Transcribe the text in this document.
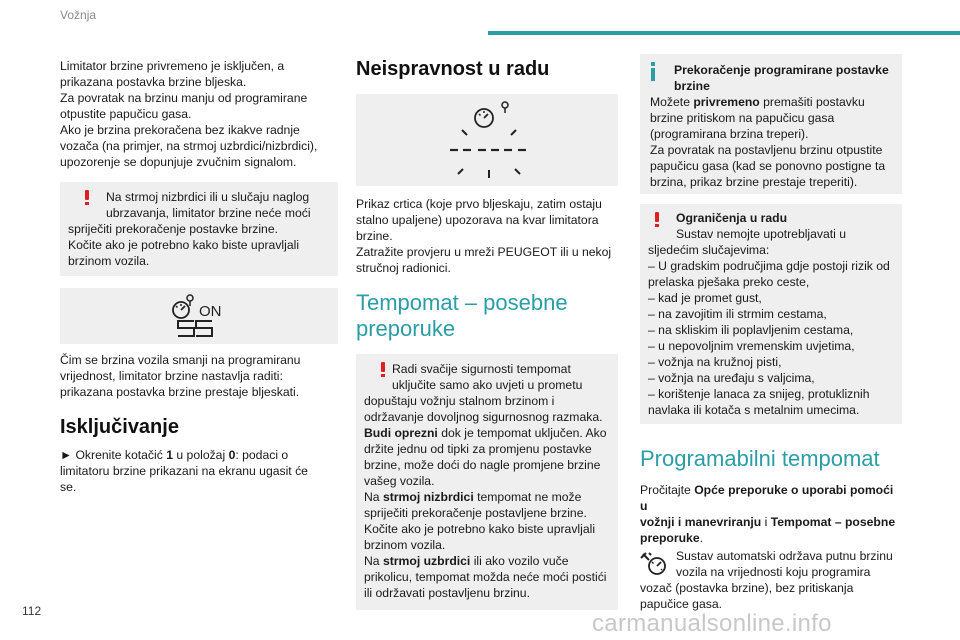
Vožnja

Limitator brzine privremeno je isključen, a
prikazana postavka brzine bljeska.
Za povratak na brzinu manju od programirane
otpustite papučicu gasa.
Ako je brzina prekoračena bez ikakve radnje
vozača (na primjer, na strmoj uzbrdici/nizbrdici),
upozorenje se dopunjuje zvučnim signalom.

Na strmoj nizbrdici ili u slučaju naglog
ubrzavanja, limitator brzine neće moći
spriječiti prekoračenje postavke brzine.
Kočite ako je potrebno kako biste upravljali
brzinom vozila.

ON

Čim se brzina vozila smanji na programiranu
vrijednost, limitator brzine nastavlja raditi:
prikazana postavka brzine prestaje bljeskati.

Isključivanje

► Okrenite kotačić 1 u položaj 0: podaci o
limitatoru brzine prikazani na ekranu ugasit će
se.

Neispravnost u radu

Prikaz crtica (koje prvo bljeskaju, zatim ostaju
stalno upaljene) upozorava na kvar limitatora
brzine.
Zatražite provjeru u mreži PEUGEOT ili u nekoj
stručnoj radionici.

Tempomat – posebne
preporuke

Radi svačije sigurnosti tempomat
uključite samo ako uvjeti u prometu
dopuštaju vožnju stalnom brzinom i
održavanje dovoljnog sigurnosnog razmaka.
Budi oprezni dok je tempomat uključen. Ako
držite jednu od tipki za promjenu postavke
brzine, može doći do nagle promjene brzine
vašeg vozila.
Na strmoj nizbrdici tempomat ne može
spriječiti prekoračenje postavljene brzine.
Kočite ako je potrebno kako biste upravljali
brzinom vozila.
Na strmoj uzbrdici ili ako vozilo vuče
prikolicu, tempomat možda neće moći postići
ili održavati postavljenu brzinu.

Prekoračenje programirane postavke
brzine

Možete privremeno premašiti postavku
brzine pritiskom na papučicu gasa
(programirana brzina treperi).
Za povratak na postavljenu brzinu otpustite
papučicu gasa (kad se ponovno postigne ta
brzina, prikaz brzine prestaje treperiti).

Ograničenja u radu

Sustav nemojte upotrebljavati u
sljedećim slučajevima:
– U gradskim područjima gdje postoji rizik od
prelaska pješaka preko ceste,
– kad je promet gust,
– na zavojitim ili strmim cestama,
– na skliskim ili poplavljenim cestama,
– u nepovoljnim vremenskim uvjetima,
– vožnja na kružnoj pisti,
– vožnja na uređaju s valjcima,
– korištenje lanaca za snijeg, protukliznih
navlaka ili kotača s metalnim umecima.

Programabilni tempomat

Pročitajte Opće preporuke o uporabi pomoći u
vožnji i manevriranju i Tempomat – posebne
preporuke.

Sustav automatski održava putnu brzinu
vozila na vrijednosti koju programira
vozač (postavka brzine), bez pritiskanja
papučice gasa.

112	carmanualsonline.info
